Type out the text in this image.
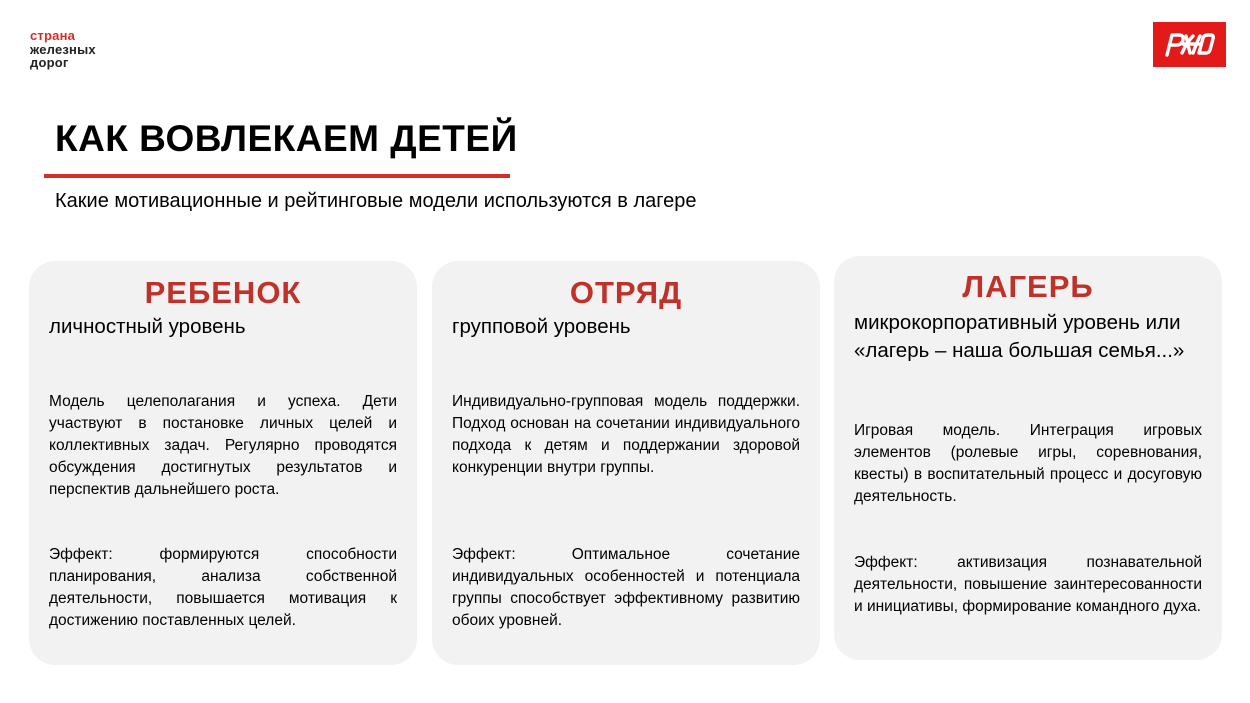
страна
железных
дорог
КАК ВОВЛЕКАЕМ ДЕТЕЙ
Какие мотивационные и рейтинговые модели используются в лагере
РЕБЕНОК
личностный уровень
Модель целеполагания и успеха. Дети участвуют в постановке личных целей и коллективных задач. Регулярно проводятся обсуждения достигнутых результатов и перспектив дальнейшего роста.
Эффект: формируются способности планирования, анализа собственной деятельности, повышается мотивация к достижению поставленных целей.
ОТРЯД
групповой уровень
Индивидуально-групповая модель поддержки. Подход основан на сочетании индивидуального подхода к детям и поддержании здоровой конкуренции внутри группы.
Эффект: Оптимальное сочетание индивидуальных особенностей и потенциала группы способствует эффективному развитию обоих уровней.
ЛАГЕРЬ
микрокорпоративный уровень или «лагерь – наша большая семья...»
Игровая модель. Интеграция игровых элементов (ролевые игры, соревнования, квесты) в воспитательный процесс и досуговую деятельность.
Эффект: активизация познавательной деятельности, повышение заинтересованности и инициативы, формирование командного духа.
